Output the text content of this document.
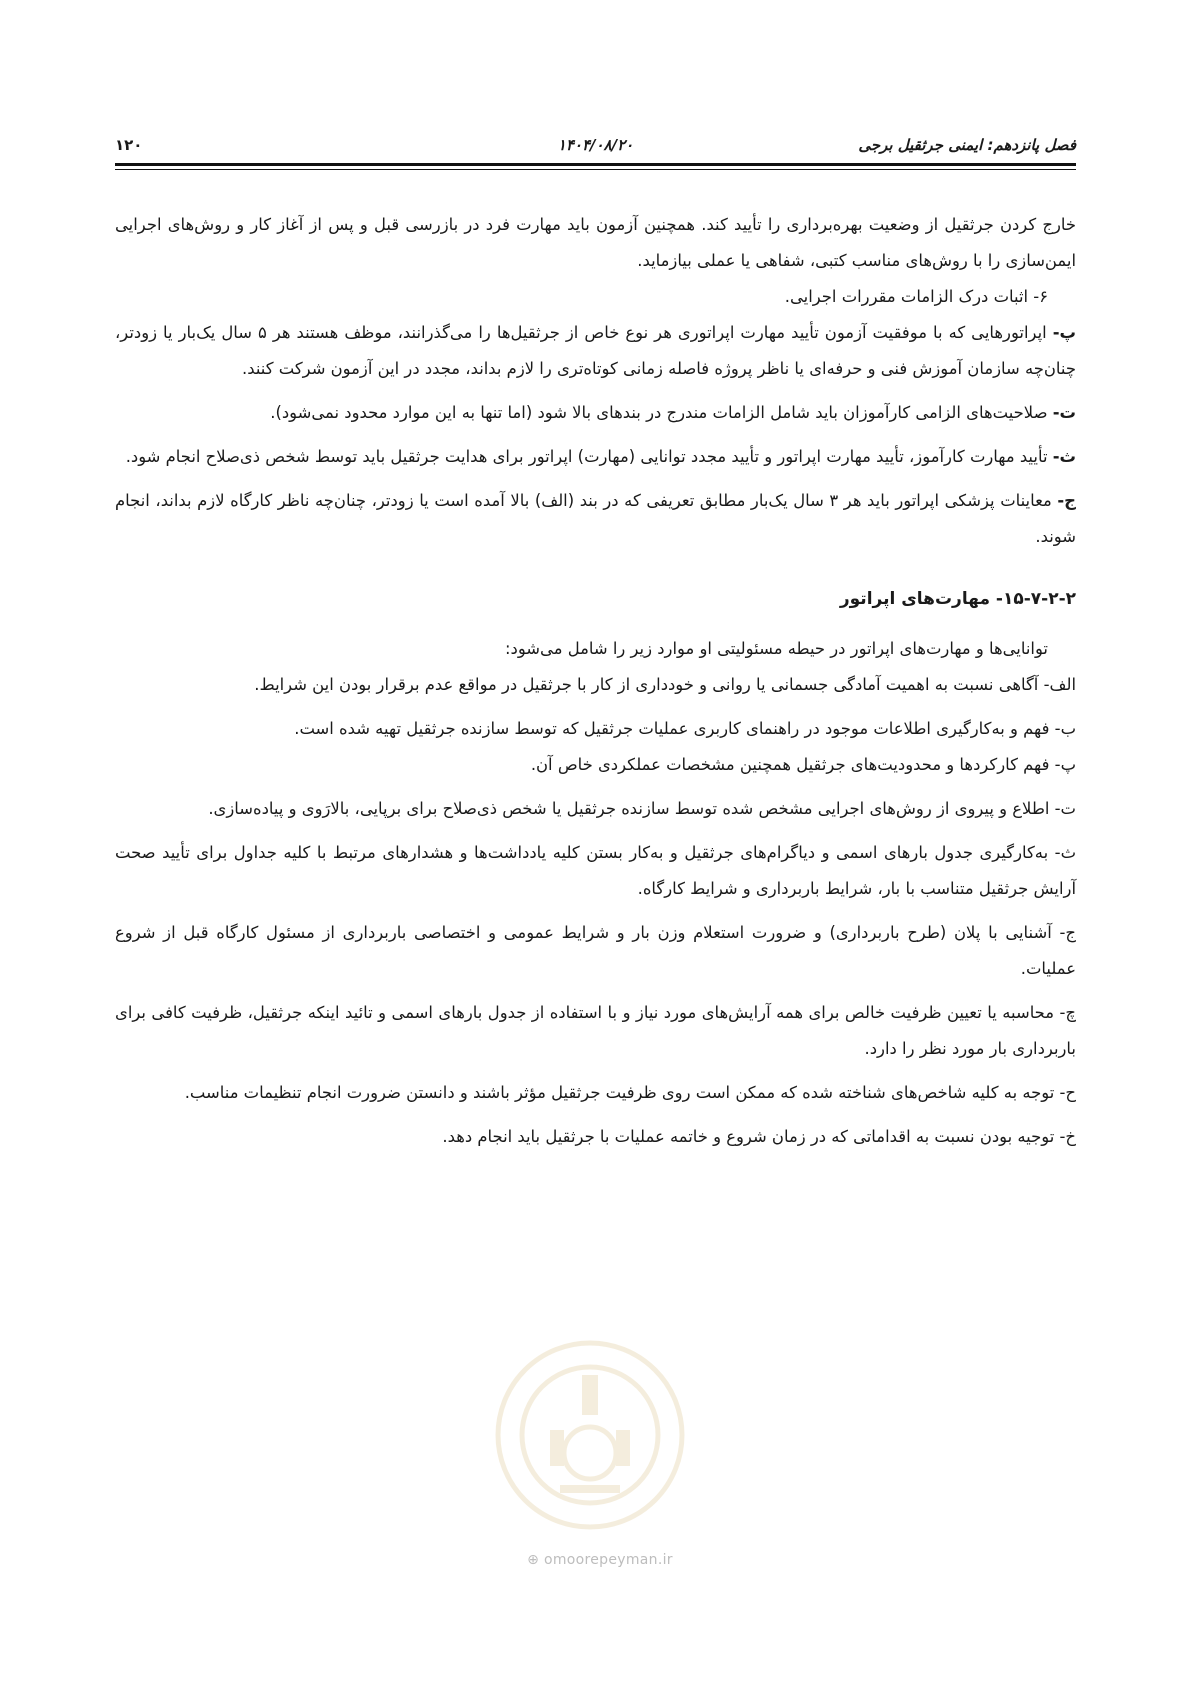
فصل پانزدهم: ایمنی جرثقیل برجی
۱۴۰۴/۰۸/۲۰
۱۲۰

خارج کردن جرثقیل از وضعیت بهره‌برداری را تأیید کند. همچنین آزمون باید مهارت فرد در بازرسی قبل و پس از آغاز کار و روش‌های اجرایی ایمن‌سازی را با روش‌های مناسب کتبی، شفاهی یا عملی بیازماید.

۶- اثبات درک الزامات مقررات اجرایی.

پ- اپراتورهایی که با موفقیت آزمون تأیید مهارت اپراتوری هر نوع خاص از جرثقیل‌ها را می‌گذرانند، موظف هستند هر ۵ سال یک‌بار یا زودتر، چنان‌چه سازمان آموزش فنی و حرفه‌ای یا ناظر پروژه فاصله زمانی کوتاه‌تری را لازم بداند، مجدد در این آزمون شرکت کنند.

ت- صلاحیت‌های الزامی کارآموزان باید شامل الزامات مندرج در بندهای بالا شود (اما تنها به این موارد محدود نمی‌شود).

ث- تأیید مهارت کارآموز، تأیید مهارت اپراتور و تأیید مجدد توانایی (مهارت) اپراتور برای هدایت جرثقیل باید توسط شخص ذی‌صلاح انجام شود.

ج- معاینات پزشکی اپراتور باید هر ۳ سال یک‌بار مطابق تعریفی که در بند (الف) بالا آمده است یا زودتر، چنان‌چه ناظر کارگاه لازم بداند، انجام شوند.

۱۵-۷-۲-۲- مهارت‌های اپراتور

توانایی‌ها و مهارت‌های اپراتور در حیطه مسئولیتی او موارد زیر را شامل می‌شود:

الف- آگاهی نسبت به اهمیت آمادگی جسمانی یا روانی و خودداری از کار با جرثقیل در مواقع عدم برقرار بودن این شرایط.

ب- فهم و به‌کارگیری اطلاعات موجود در راهنمای کاربری عملیات جرثقیل که توسط سازنده جرثقیل تهیه شده است.

پ- فهم کارکردها و محدودیت‌های جرثقیل همچنین مشخصات عملکردی خاص آن.

ت- اطلاع و پیروی از روش‌های اجرایی مشخص شده توسط سازنده جرثقیل یا شخص ذی‌صلاح برای برپایی، بالارَوی و پیاده‌سازی.

ث- به‌کارگیری جدول بارهای اسمی و دیاگرام‌های جرثقیل و به‌کار بستن کلیه یادداشت‌ها و هشدارهای مرتبط با کلیه جداول برای تأیید صحت آرایش جرثقیل متناسب با بار، شرایط باربرداری و شرایط کارگاه.

ج- آشنایی با پلان (طرح باربرداری) و ضرورت استعلام وزن بار و شرایط عمومی و اختصاصی باربرداری از مسئول کارگاه قبل از شروع عملیات.

چ- محاسبه یا تعیین ظرفیت خالص برای همه آرایش‌های مورد نیاز و با استفاده از جدول بارهای اسمی و تائید اینکه جرثقیل، ظرفیت کافی برای باربرداری بار مورد نظر را دارد.

ح- توجه به کلیه شاخص‌های شناخته شده که ممکن است روی ظرفیت جرثقیل مؤثر باشند و دانستن ضرورت انجام تنظیمات مناسب.

خ- توجیه بودن نسبت به اقداماتی که در زمان شروع و خاتمه عملیات با جرثقیل باید انجام دهد.

⊕ omoorepeyman.ir
